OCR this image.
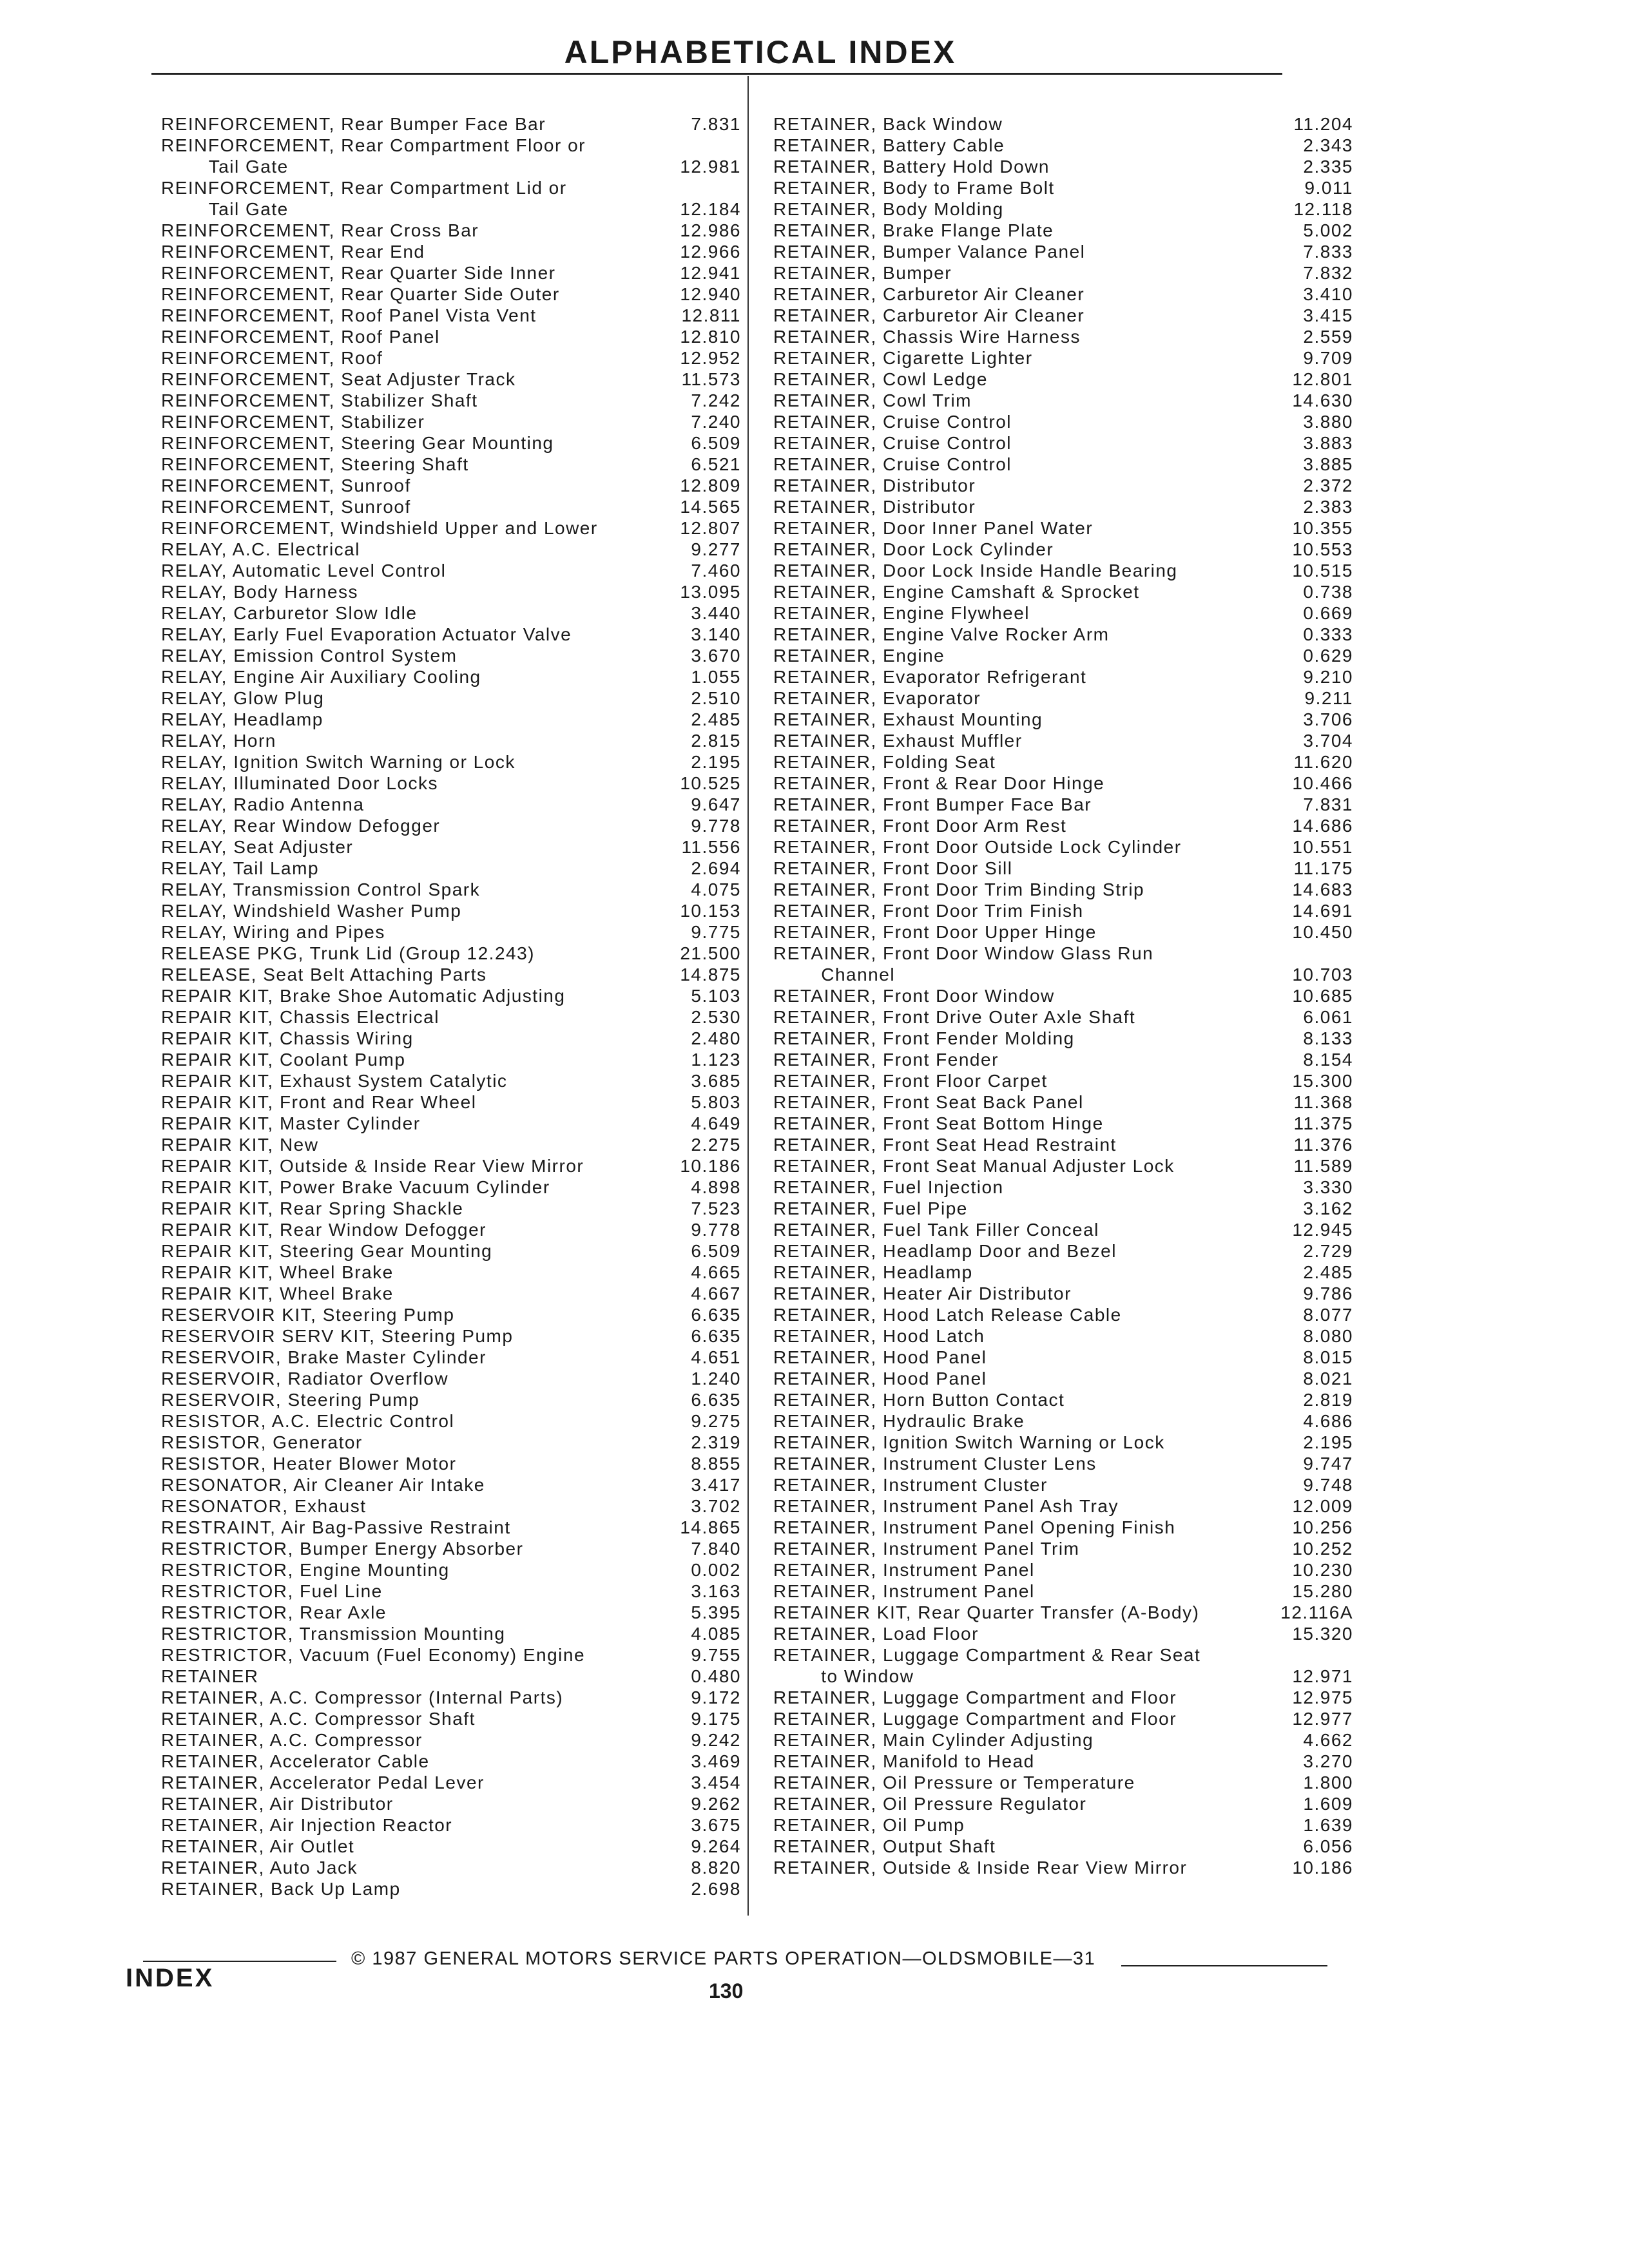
ALPHABETICAL INDEX
REINFORCEMENT, Rear Bumper Face Bar	7.831
REINFORCEMENT, Rear Compartment Floor or
Tail Gate	12.981
REINFORCEMENT, Rear Compartment Lid or
Tail Gate	12.184
REINFORCEMENT, Rear Cross Bar	12.986
REINFORCEMENT, Rear End	12.966
REINFORCEMENT, Rear Quarter Side Inner	12.941
REINFORCEMENT, Rear Quarter Side Outer	12.940
REINFORCEMENT, Roof Panel Vista Vent	12.811
REINFORCEMENT, Roof Panel	12.810
REINFORCEMENT, Roof	12.952
REINFORCEMENT, Seat Adjuster Track	11.573
REINFORCEMENT, Stabilizer Shaft	7.242
REINFORCEMENT, Stabilizer	7.240
REINFORCEMENT, Steering Gear Mounting	6.509
REINFORCEMENT, Steering Shaft	6.521
REINFORCEMENT, Sunroof	12.809
REINFORCEMENT, Sunroof	14.565
REINFORCEMENT, Windshield Upper and Lower	12.807
RELAY, A.C. Electrical	9.277
RELAY, Automatic Level Control	7.460
RELAY, Body Harness	13.095
RELAY, Carburetor Slow Idle	3.440
RELAY, Early Fuel Evaporation Actuator Valve	3.140
RELAY, Emission Control System	3.670
RELAY, Engine Air Auxiliary Cooling	1.055
RELAY, Glow Plug	2.510
RELAY, Headlamp	2.485
RELAY, Horn	2.815
RELAY, Ignition Switch Warning or Lock	2.195
RELAY, Illuminated Door Locks	10.525
RELAY, Radio Antenna	9.647
RELAY, Rear Window Defogger	9.778
RELAY, Seat Adjuster	11.556
RELAY, Tail Lamp	2.694
RELAY, Transmission Control Spark	4.075
RELAY, Windshield Washer Pump	10.153
RELAY, Wiring and Pipes	9.775
RELEASE PKG, Trunk Lid (Group 12.243)	21.500
RELEASE, Seat Belt Attaching Parts	14.875
REPAIR KIT, Brake Shoe Automatic Adjusting	5.103
REPAIR KIT, Chassis Electrical	2.530
REPAIR KIT, Chassis Wiring	2.480
REPAIR KIT, Coolant Pump	1.123
REPAIR KIT, Exhaust System Catalytic	3.685
REPAIR KIT, Front and Rear Wheel	5.803
REPAIR KIT, Master Cylinder	4.649
REPAIR KIT, New	2.275
REPAIR KIT, Outside & Inside Rear View Mirror	10.186
REPAIR KIT, Power Brake Vacuum Cylinder	4.898
REPAIR KIT, Rear Spring Shackle	7.523
REPAIR KIT, Rear Window Defogger	9.778
REPAIR KIT, Steering Gear Mounting	6.509
REPAIR KIT, Wheel Brake	4.665
REPAIR KIT, Wheel Brake	4.667
RESERVOIR KIT, Steering Pump	6.635
RESERVOIR SERV KIT, Steering Pump	6.635
RESERVOIR, Brake Master Cylinder	4.651
RESERVOIR, Radiator Overflow	1.240
RESERVOIR, Steering Pump	6.635
RESISTOR, A.C. Electric Control	9.275
RESISTOR, Generator	2.319
RESISTOR, Heater Blower Motor	8.855
RESONATOR, Air Cleaner Air Intake	3.417
RESONATOR, Exhaust	3.702
RESTRAINT, Air Bag-Passive Restraint	14.865
RESTRICTOR, Bumper Energy Absorber	7.840
RESTRICTOR, Engine Mounting	0.002
RESTRICTOR, Fuel Line	3.163
RESTRICTOR, Rear Axle	5.395
RESTRICTOR, Transmission Mounting	4.085
RESTRICTOR, Vacuum (Fuel Economy) Engine	9.755
RETAINER	0.480
RETAINER, A.C. Compressor (Internal Parts)	9.172
RETAINER, A.C. Compressor Shaft	9.175
RETAINER, A.C. Compressor	9.242
RETAINER, Accelerator Cable	3.469
RETAINER, Accelerator Pedal Lever	3.454
RETAINER, Air Distributor	9.262
RETAINER, Air Injection Reactor	3.675
RETAINER, Air Outlet	9.264
RETAINER, Auto Jack	8.820
RETAINER, Back Up Lamp	2.698
RETAINER, Back Window	11.204
RETAINER, Battery Cable	2.343
RETAINER, Battery Hold Down	2.335
RETAINER, Body to Frame Bolt	9.011
RETAINER, Body Molding	12.118
RETAINER, Brake Flange Plate	5.002
RETAINER, Bumper Valance Panel	7.833
RETAINER, Bumper	7.832
RETAINER, Carburetor Air Cleaner	3.410
RETAINER, Carburetor Air Cleaner	3.415
RETAINER, Chassis Wire Harness	2.559
RETAINER, Cigarette Lighter	9.709
RETAINER, Cowl Ledge	12.801
RETAINER, Cowl Trim	14.630
RETAINER, Cruise Control	3.880
RETAINER, Cruise Control	3.883
RETAINER, Cruise Control	3.885
RETAINER, Distributor	2.372
RETAINER, Distributor	2.383
RETAINER, Door Inner Panel Water	10.355
RETAINER, Door Lock Cylinder	10.553
RETAINER, Door Lock Inside Handle Bearing	10.515
RETAINER, Engine Camshaft & Sprocket	0.738
RETAINER, Engine Flywheel	0.669
RETAINER, Engine Valve Rocker Arm	0.333
RETAINER, Engine	0.629
RETAINER, Evaporator Refrigerant	9.210
RETAINER, Evaporator	9.211
RETAINER, Exhaust Mounting	3.706
RETAINER, Exhaust Muffler	3.704
RETAINER, Folding Seat	11.620
RETAINER, Front & Rear Door Hinge	10.466
RETAINER, Front Bumper Face Bar	7.831
RETAINER, Front Door Arm Rest	14.686
RETAINER, Front Door Outside Lock Cylinder	10.551
RETAINER, Front Door Sill	11.175
RETAINER, Front Door Trim Binding Strip	14.683
RETAINER, Front Door Trim Finish	14.691
RETAINER, Front Door Upper Hinge	10.450
RETAINER, Front Door Window Glass Run
Channel	10.703
RETAINER, Front Door Window	10.685
RETAINER, Front Drive Outer Axle Shaft	6.061
RETAINER, Front Fender Molding	8.133
RETAINER, Front Fender	8.154
RETAINER, Front Floor Carpet	15.300
RETAINER, Front Seat Back Panel	11.368
RETAINER, Front Seat Bottom Hinge	11.375
RETAINER, Front Seat Head Restraint	11.376
RETAINER, Front Seat Manual Adjuster Lock	11.589
RETAINER, Fuel Injection	3.330
RETAINER, Fuel Pipe	3.162
RETAINER, Fuel Tank Filler Conceal	12.945
RETAINER, Headlamp Door and Bezel	2.729
RETAINER, Headlamp	2.485
RETAINER, Heater Air Distributor	9.786
RETAINER, Hood Latch Release Cable	8.077
RETAINER, Hood Latch	8.080
RETAINER, Hood Panel	8.015
RETAINER, Hood Panel	8.021
RETAINER, Horn Button Contact	2.819
RETAINER, Hydraulic Brake	4.686
RETAINER, Ignition Switch Warning or Lock	2.195
RETAINER, Instrument Cluster Lens	9.747
RETAINER, Instrument Cluster	9.748
RETAINER, Instrument Panel Ash Tray	12.009
RETAINER, Instrument Panel Opening Finish	10.256
RETAINER, Instrument Panel Trim	10.252
RETAINER, Instrument Panel	10.230
RETAINER, Instrument Panel	15.280
RETAINER KIT, Rear Quarter Transfer (A-Body)	12.116A
RETAINER, Load Floor	15.320
RETAINER, Luggage Compartment & Rear Seat
to Window	12.971
RETAINER, Luggage Compartment and Floor	12.975
RETAINER, Luggage Compartment and Floor	12.977
RETAINER, Main Cylinder Adjusting	4.662
RETAINER, Manifold to Head	3.270
RETAINER, Oil Pressure or Temperature	1.800
RETAINER, Oil Pressure Regulator	1.609
RETAINER, Oil Pump	1.639
RETAINER, Output Shaft	6.056
RETAINER, Outside & Inside Rear View Mirror	10.186
© 1987 GENERAL MOTORS SERVICE PARTS OPERATION—OLDSMOBILE—31
INDEX	130
